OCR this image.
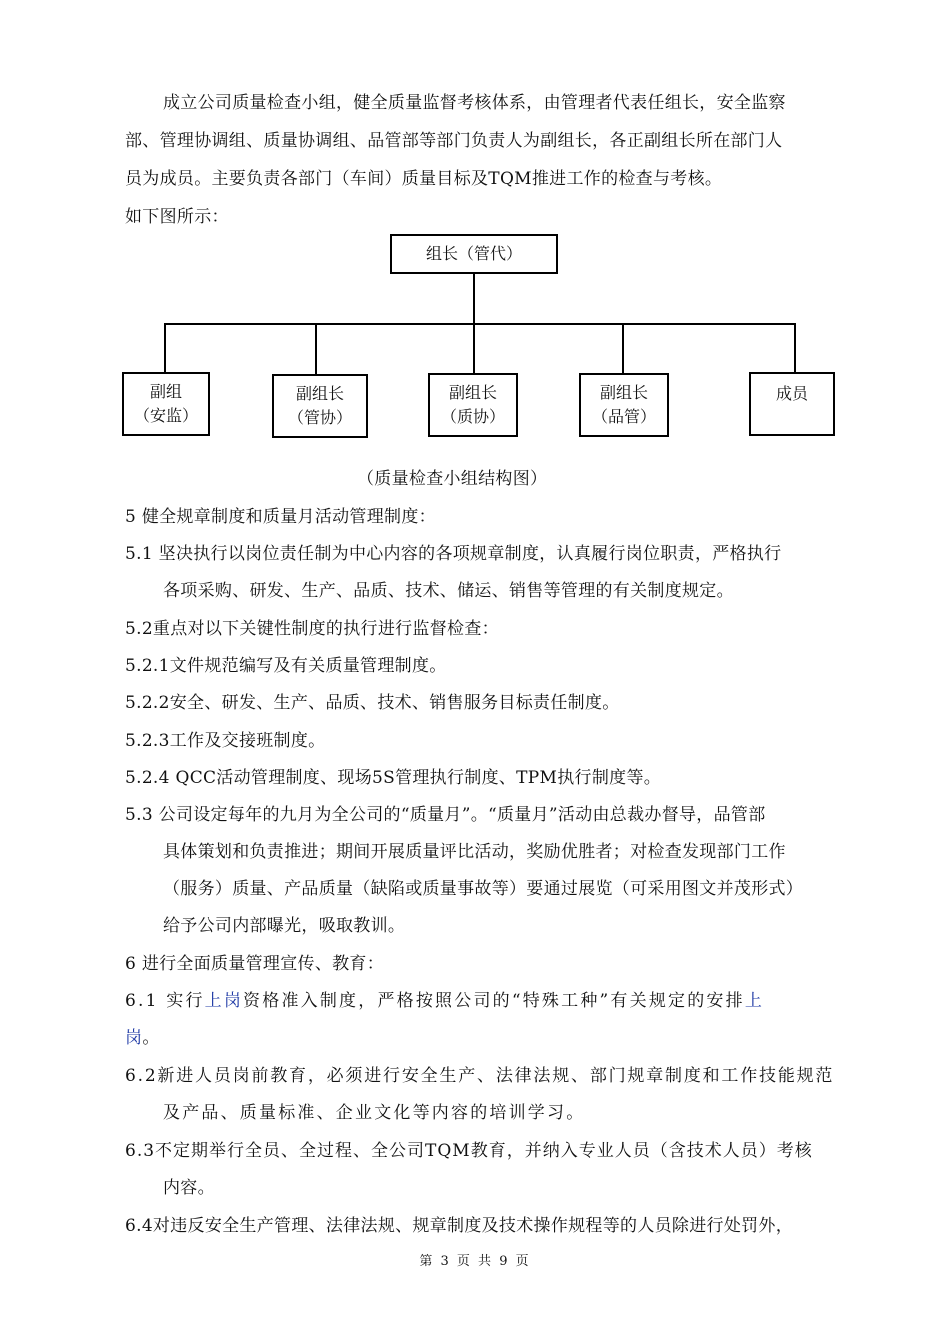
成立公司质量检查小组，健全质量监督考核体系，由管理者代表任组长，安全监察
部、管理协调组、质量协调组、品管部等部门负责人为副组长，各正副组长所在部门人
员为成员。主要负责各部门（车间）质量目标及TQM推进工作的检查与考核。
如下图所示：
组长（管代）
副组
（安监）
副组长
（管协）
副组长
（质协）
副组长
（品管）
成员
（质量检查小组结构图）
5 健全规章制度和质量月活动管理制度：
5.1 坚决执行以岗位责任制为中心内容的各项规章制度，认真履行岗位职责，严格执行
各项采购、研发、生产、品质、技术、储运、销售等管理的有关制度规定。
5.2重点对以下关键性制度的执行进行监督检查：
5.2.1文件规范编写及有关质量管理制度。
5.2.2安全、研发、生产、品质、技术、销售服务目标责任制度。
5.2.3工作及交接班制度。
5.2.4 QCC活动管理制度、现场5S管理执行制度、TPM执行制度等。
5.3 公司设定每年的九月为全公司的“质量月”。“质量月”活动由总裁办督导，品管部
具体策划和负责推进；期间开展质量评比活动，奖励优胜者；对检查发现部门工作
（服务）质量、产品质量（缺陷或质量事故等）要通过展览（可采用图文并茂形式）
给予公司内部曝光，吸取教训。
6 进行全面质量管理宣传、教育：
6.1 实行上岗资格准入制度，严格按照公司的“特殊工种”有关规定的安排上
岗。
6.2新进人员岗前教育，必须进行安全生产、法律法规、部门规章制度和工作技能规范
及产品、质量标准、企业文化等内容的培训学习。
6.3不定期举行全员、全过程、全公司TQM教育，并纳入专业人员（含技术人员）考核
内容。
6.4对违反安全生产管理、法律法规、规章制度及技术操作规程等的人员除进行处罚外，
第 3 页 共 9 页
